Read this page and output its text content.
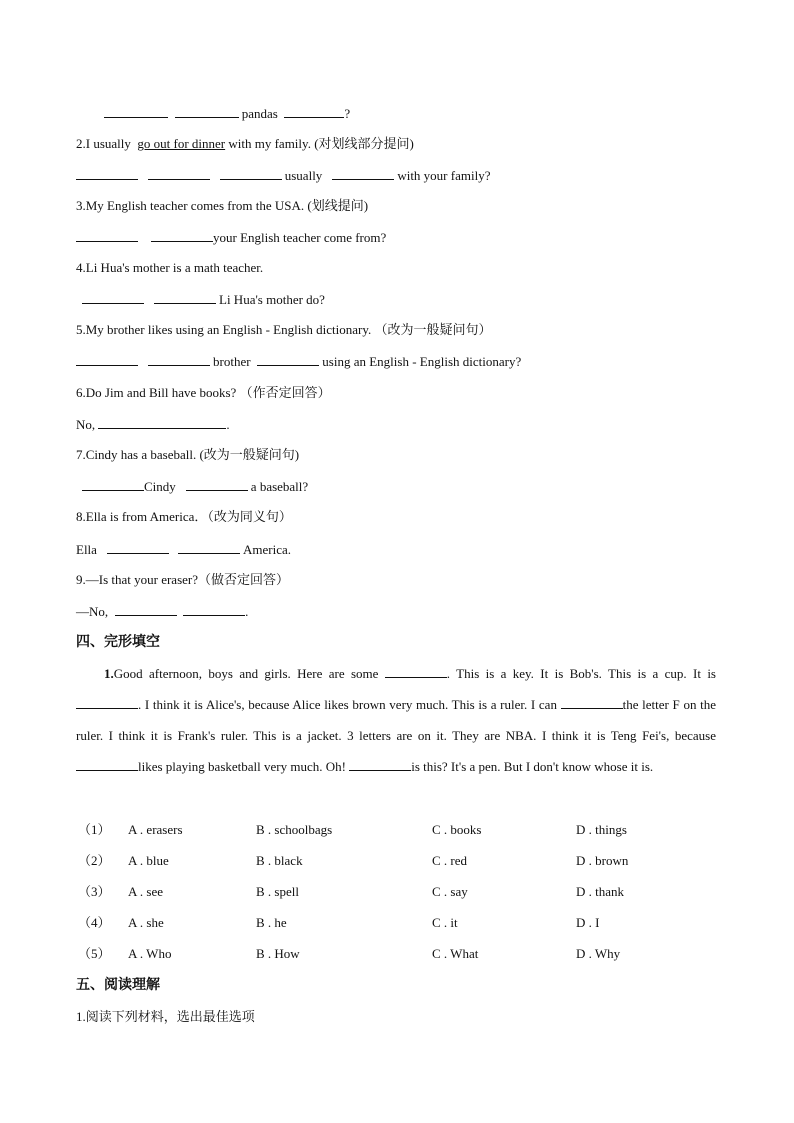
pandas	?
2.I usually  go out for dinner with my family. (对划线部分提问)
usually	with your family?
3.My English teacher comes from the USA. (划线提问)
your English teacher come from?
4.Li Hua's mother is a math teacher.
Li Hua's mother do?
5.My brother likes using an English - English dictionary. （改为一般疑问句）
brother	using an English - English dictionary?
6.Do Jim and Bill have books? （作否定回答）
No,	.
7.Cindy has a baseball. (改为一般疑问句)
Cindy	a baseball?
8.Ella is from America．（改为同义句）
Ella	America.
9.—Is that your eraser?（做否定回答）
—No,	.
四、完形填空
1.Good afternoon, boys and girls. Here are some	. This is a key. It is Bob's. This is a cup. It is . I think it is Alice's, because Alice likes brown very much. This is a ruler. I can	the letter F on the ruler. I think it is Frank's ruler. This is a jacket. 3 letters are on it. They are NBA. I think it is Teng Fei's, because likes playing basketball very much. Oh!	is this? It's a pen. But I don't know whose it is.
（1） A . erasers	B . schoolbags	C . books	D . things
（2） A . blue	B . black	C . red	D . brown
（3） A . see	B . spell	C . say	D . thank
（4） A . she	B . he	C . it	D . I
（5） A . Who	B . How	C . What	D . Why
五、阅读理解
1.阅读下列材料，选出最佳选项
